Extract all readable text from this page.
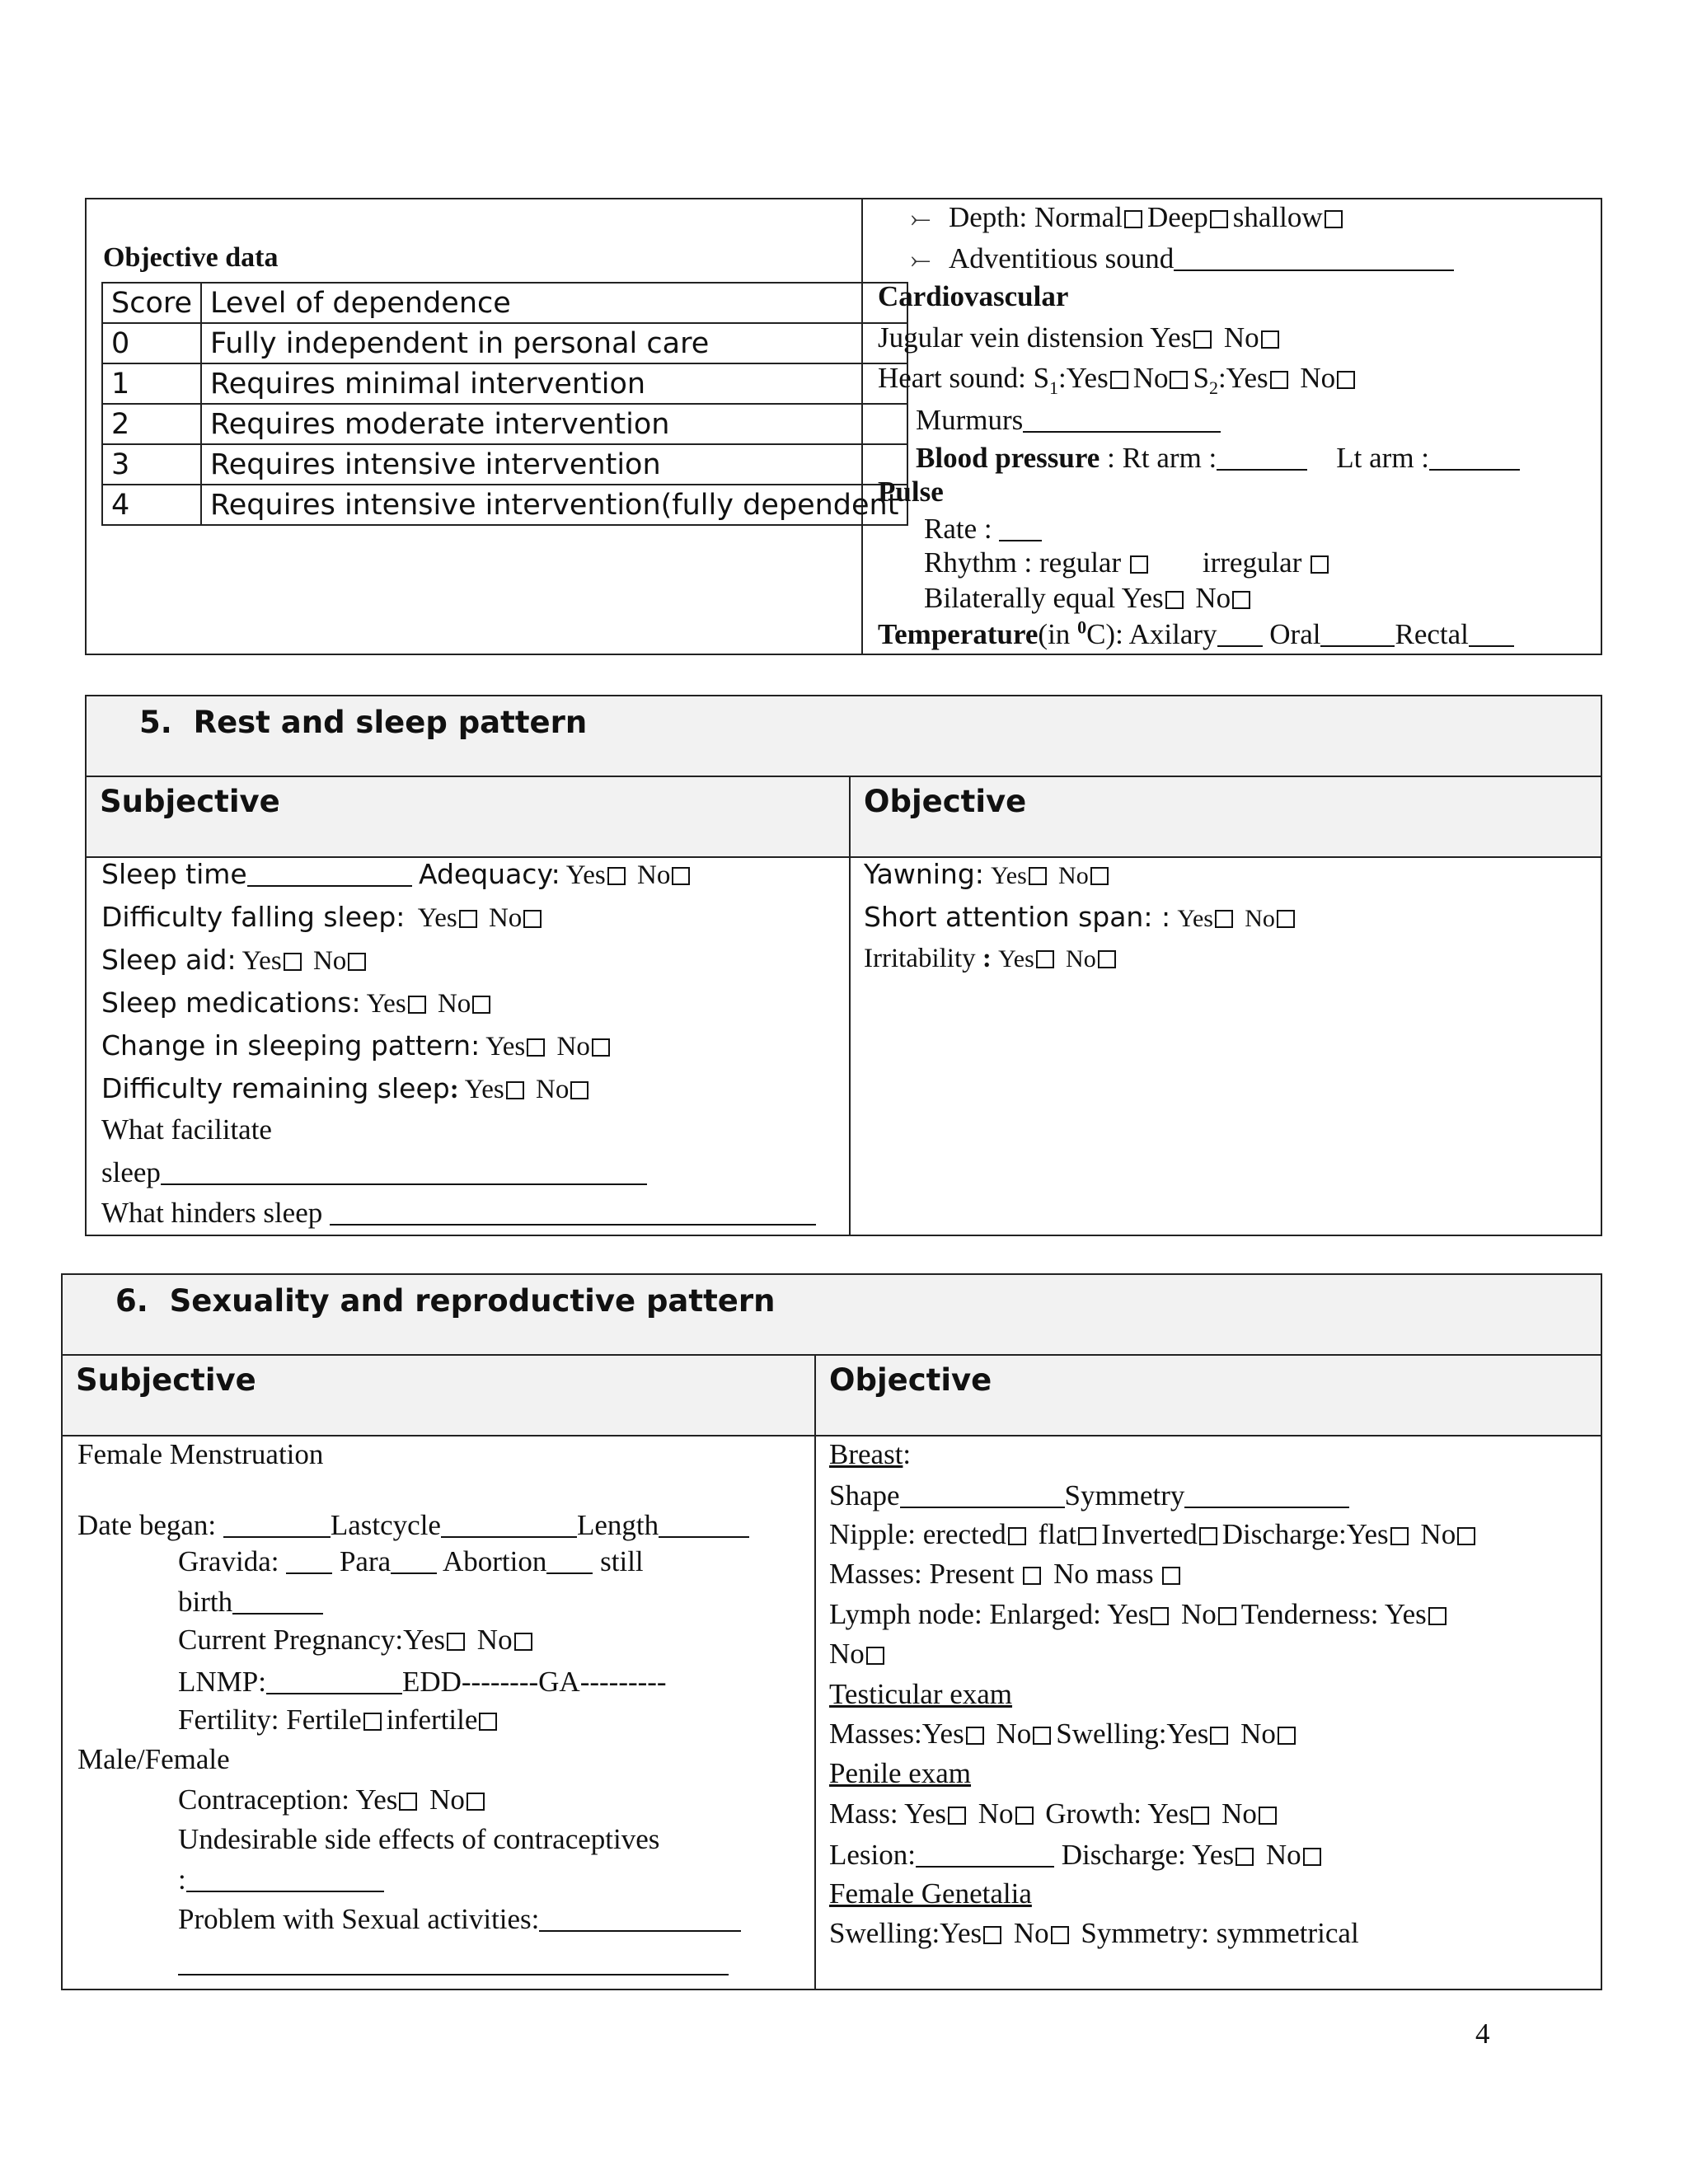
Objective data
Score	Level of dependence
0	Fully independent in personal care
1	Requires minimal intervention
2	Requires moderate intervention
3	Requires intensive intervention
4	Requires intensive intervention(fully dependent
⤚ Depth: Normal Deep shallow
⤚ Adventitious sound
Cardiovascular
Jugular vein distension Yes No
Heart sound: $S_1:Yes$ No $S_2:Yes$ No
Murmurs
Blood pressure : Rt arm :	Lt arm :
Pulse
Rate :
Rhythm : regular	irregular
Bilaterally equal Yes No
Temperature(in $^0$C): Axilary Oral	Rectal
5. Rest and sleep pattern
Subjective	Objective
Sleep time	Adequacy: Yes No
Difficulty falling sleep: Yes No
Sleep aid: Yes No
Sleep medications: Yes No
Change in sleeping pattern: Yes No
Difficulty remaining sleep: Yes No
What facilitate
sleep
What hinders sleep
Yawning: Yes No
Short attention span: : Yes No
Irritability : Yes No
6. Sexuality and reproductive pattern
Subjective	Objective
Female Menstruation
Date began:	Lastcycle	Length
Gravida:  Para Abortion still
birth
Current Pregnancy:Yes No
LNMP:	EDD--------GA---------
Fertility: Fertile infertile
Male/Female
Contraception: Yes No
Undesirable side effects of contraceptives
:
Problem with Sexual activities:
Breast:
Shape	Symmetry
Nipple: erected flat Inverted Discharge:Yes No
Masses: Present  No mass
Lymph node: Enlarged: Yes No Tenderness: Yes
No
Testicular exam
Masses:Yes No Swelling:Yes No
Penile exam
Mass: Yes No Growth: Yes No
Lesion:	Discharge: Yes No
Female Genetalia
Swelling:Yes No Symmetry: symmetrical
4
